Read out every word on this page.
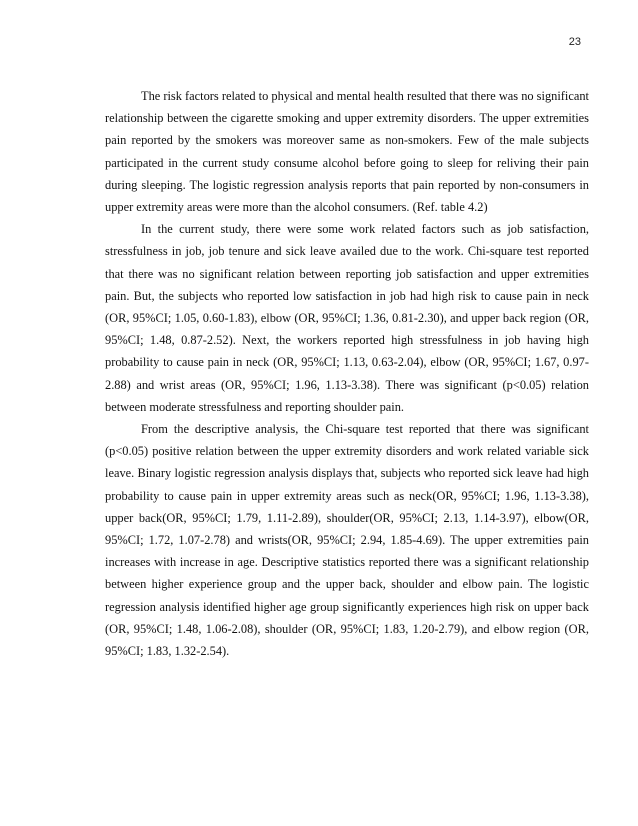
23

The risk factors related to physical and mental health resulted that there was no significant relationship between the cigarette smoking and upper extremity disorders. The upper extremities pain reported by the smokers was moreover same as non-smokers. Few of the male subjects participated in the current study consume alcohol before going to sleep for reliving their pain during sleeping. The logistic regression analysis reports that pain reported by non-consumers in upper extremity areas were more than the alcohol consumers. (Ref. table 4.2)

In the current study, there were some work related factors such as job satisfaction, stressfulness in job, job tenure and sick leave availed due to the work. Chi-square test reported that there was no significant relation between reporting job satisfaction and upper extremities pain. But, the subjects who reported low satisfaction in job had high risk to cause pain in neck (OR, 95%CI; 1.05, 0.60-1.83), elbow (OR, 95%CI; 1.36, 0.81-2.30), and upper back region (OR, 95%CI; 1.48, 0.87-2.52). Next, the workers reported high stressfulness in job having high probability to cause pain in neck (OR, 95%CI; 1.13, 0.63-2.04), elbow (OR, 95%CI; 1.67, 0.97-2.88) and wrist areas (OR, 95%CI; 1.96, 1.13-3.38). There was significant (p<0.05) relation between moderate stressfulness and reporting shoulder pain.

From the descriptive analysis, the Chi-square test reported that there was significant (p<0.05) positive relation between the upper extremity disorders and work related variable sick leave. Binary logistic regression analysis displays that, subjects who reported sick leave had high probability to cause pain in upper extremity areas such as neck(OR, 95%CI; 1.96, 1.13-3.38), upper back(OR, 95%CI; 1.79, 1.11-2.89), shoulder(OR, 95%CI; 2.13, 1.14-3.97), elbow(OR, 95%CI; 1.72, 1.07-2.78) and wrists(OR, 95%CI; 2.94, 1.85-4.69). The upper extremities pain increases with increase in age. Descriptive statistics reported there was a significant relationship between higher experience group and the upper back, shoulder and elbow pain. The logistic regression analysis identified higher age group significantly experiences high risk on upper back (OR, 95%CI; 1.48, 1.06-2.08), shoulder (OR, 95%CI; 1.83, 1.20-2.79), and elbow region (OR, 95%CI; 1.83, 1.32-2.54).
